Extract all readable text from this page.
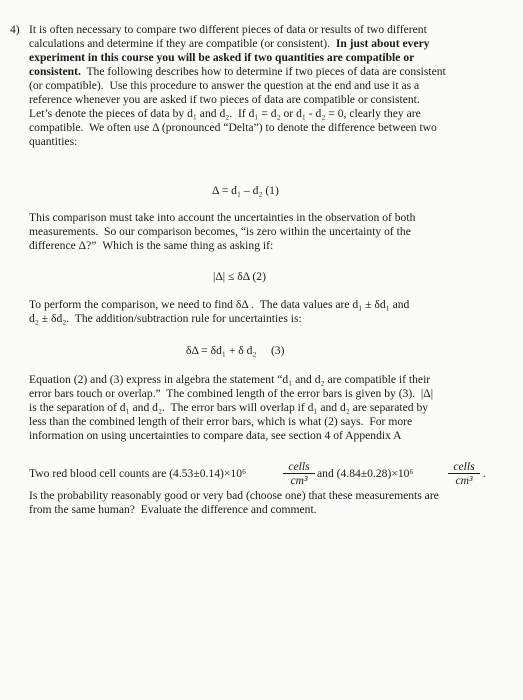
4) It is often necessary to compare two different pieces of data or results of two different
calculations and determine if they are compatible (or consistent). In just about every
experiment in this course you will be asked if two quantities are compatible or
consistent. The following describes how to determine if two pieces of data are consistent
(or compatible).  Use this procedure to answer the question at the end and use it as a
reference whenever you are asked if two pieces of data are compatible or consistent.
Let’s denote the pieces of data by d₁ and d₂.  If d₁ = d₂ or d₁ - d₂ = 0, clearly they are
compatible.  We often use Δ (pronounced “Delta”) to denote the difference between two
quantities:
Δ = d₁ – d₂ (1)
This comparison must take into account the uncertainties in the observation of both
measurements.  So our comparison becomes, “is zero within the uncertainty of the
difference Δ?”  Which is the same thing as asking if:
|Δ| ≤ δΔ (2)
To perform the comparison, we need to find δΔ .  The data values are d₁ ± δd₁ and
d₂ ± δd₂.  The addition/subtraction rule for uncertainties is:
δΔ = δd₁ + δ d₂     (3)
Equation (2) and (3) express in algebra the statement “d₁ and d₂ are compatible if their
error bars touch or overlap.”  The combined length of the error bars is given by (3).  |Δ|
is the separation of d₁ and d₂.  The error bars will overlap if d₁ and d₂ are separated by
less than the combined length of their error bars, which is what (2) says.  For more
information on using uncertainties to compare data, see section 4 of Appendix A
Two red blood cell counts are (4.53±0.14)×10⁶
cells
cm³
and (4.84±0.28)×10⁶
cells
cm³
.
Is the probability reasonably good or very bad (choose one) that these measurements are
from the same human?  Evaluate the difference and comment.
